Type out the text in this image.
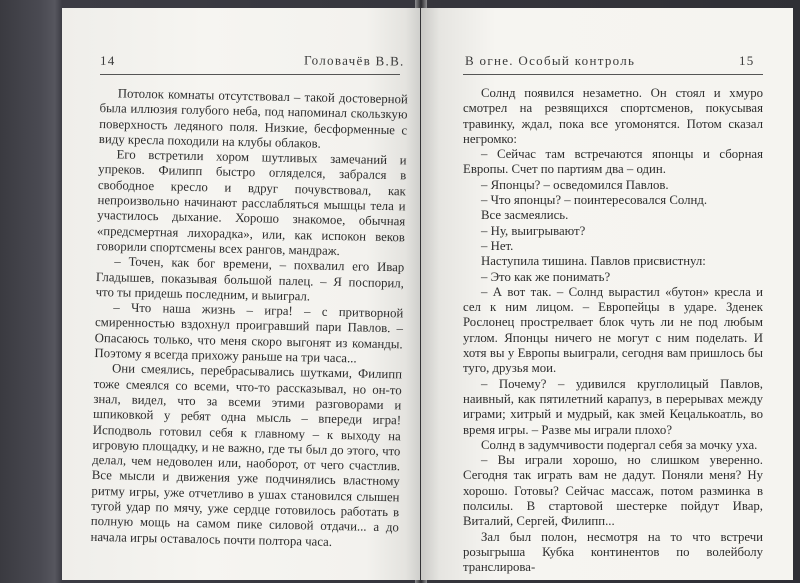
14	Головачёв В.В.

Потолок комнаты отсутствовал – такой достоверной была иллюзия голубого неба, под напоминал скользкую поверхность ледяного поля. Низкие, бесформенные с виду кресла походили на клубы облаков.

Его встретили хором шутливых замечаний и упреков. Филипп быстро огляделся, забрался в свободное кресло и вдруг почувствовал, как непроизвольно начинают расслабляться мышцы тела и участилось дыхание. Хорошо знакомое, обычная «предсмертная лихорадка», или, как испокон веков говорили спортсмены всех рангов, мандраж.

– Точен, как бог времени, – похвалил его Ивар Гладышев, показывая большой палец. – Я поспорил, что ты придешь последним, и выиграл.

– Что наша жизнь – игра! – с притворной смиренностью вздохнул проигравший пари Павлов. – Опасаюсь только, что меня скоро выгонят из команды. Поэтому я всегда прихожу раньше на три часа...

Они смеялись, перебрасывались шутками, Филипп тоже смеялся со всеми, что-то рассказывал, но он-то знал, видел, что за всеми этими разговорами и шпиковкой у ребят одна мысль – впереди игра! Исподволь готовил себя к главному – к выходу на игровую площадку, и не важно, где ты был до этого, что делал, чем недоволен или, наоборот, от чего счастлив. Все мысли и движения уже подчинялись властному ритму игры, уже отчетливо в ушах становился слышен тугой удар по мячу, уже сердце готовилось работать в полную мощь на самом пике силовой отдачи... а до начала игры оставалось почти полтора часа.

В огне. Особый контроль	15

Солнд появился незаметно. Он стоял и хмуро смотрел на резвящихся спортсменов, покусывая травинку, ждал, пока все угомонятся. Потом сказал негромко:

– Сейчас там встречаются японцы и сборная Европы. Счет по партиям два – один.

– Японцы? – осведомился Павлов.

– Что японцы? – поинтересовался Солнд.

Все засмеялись.

– Ну, выигрывают?

– Нет.

Наступила тишина. Павлов присвистнул:

– Это как же понимать?

– А вот так. – Солнд вырастил «бутон» кресла и сел к ним лицом. – Европейцы в ударе. Зденек Рослонец прострелвает блок чуть ли не под любым углом. Японцы ничего не могут с ним поделать. И хотя вы у Европы выиграли, сегодня вам пришлось бы туго, друзья мои.

– Почему? – удивился круглолицый Павлов, наивный, как пятилетний карапуз, в перерывах между играми; хитрый и мудрый, как змей Кецалькоатль, во время игры. – Разве мы играли плохо?

Солнд в задумчивости подергал себя за мочку уха.

– Вы играли хорошо, но слишком уверенно. Сегодня так играть вам не дадут. Поняли меня? Ну хорошо. Готовы? Сейчас массаж, потом разминка в полсилы. В стартовой шестерке пойдут Ивар, Виталий, Сергей, Филипп...

Зал был полон, несмотря на то что встречи розыгрыша Кубка континентов по волейболу транслирова-
